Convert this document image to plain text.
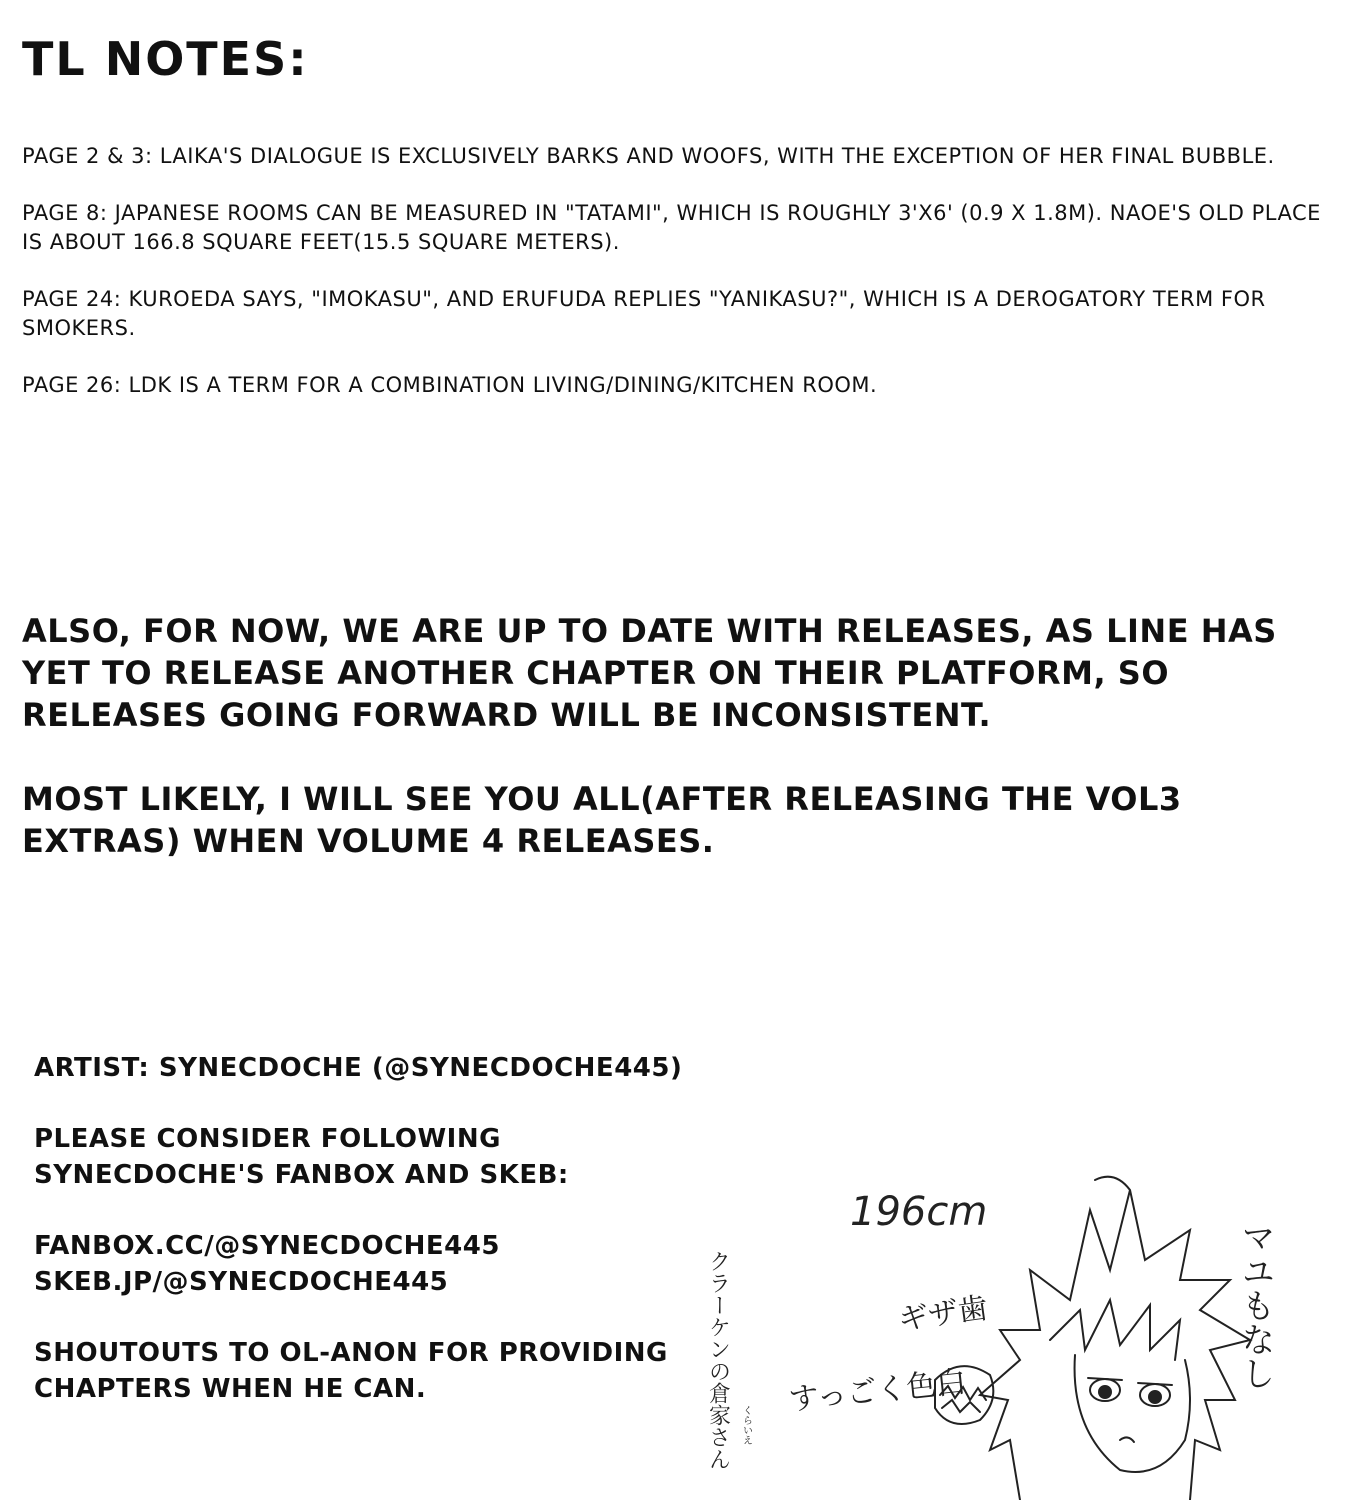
TL NOTES:

PAGE 2 & 3: LAIKA'S DIALOGUE IS EXCLUSIVELY BARKS AND WOOFS, WITH THE EXCEPTION OF HER FINAL BUBBLE.

PAGE 8: JAPANESE ROOMS CAN BE MEASURED IN "TATAMI", WHICH IS ROUGHLY 3'X6' (0.9 X 1.8M). NAOE'S OLD PLACE IS ABOUT 166.8 SQUARE FEET(15.5 SQUARE METERS).

PAGE 24: KUROEDA SAYS, "IMOKASU", AND ERUFUDA REPLIES "YANIKASU?", WHICH IS A DEROGATORY TERM FOR SMOKERS.

PAGE 26: LDK IS A TERM FOR A COMBINATION LIVING/DINING/KITCHEN ROOM.

ALSO, FOR NOW, WE ARE UP TO DATE WITH RELEASES, AS LINE HAS YET TO RELEASE ANOTHER CHAPTER ON THEIR PLATFORM, SO RELEASES GOING FORWARD WILL BE INCONSISTENT.

MOST LIKELY, I WILL SEE YOU ALL(AFTER RELEASING THE VOL3 EXTRAS) WHEN VOLUME 4 RELEASES.

ARTIST: SYNECDOCHE (@SYNECDOCHE445)

PLEASE CONSIDER FOLLOWING SYNECDOCHE'S FANBOX AND SKEB:

FANBOX.CC/@SYNECDOCHE445

SKEB.JP/@SYNECDOCHE445

SHOUTOUTS TO OL-ANON FOR PROVIDING CHAPTERS WHEN HE CAN.	クラーケンの倉家さん くらいえ
196cm
マユもなし
ギザ歯
すっごく色白
